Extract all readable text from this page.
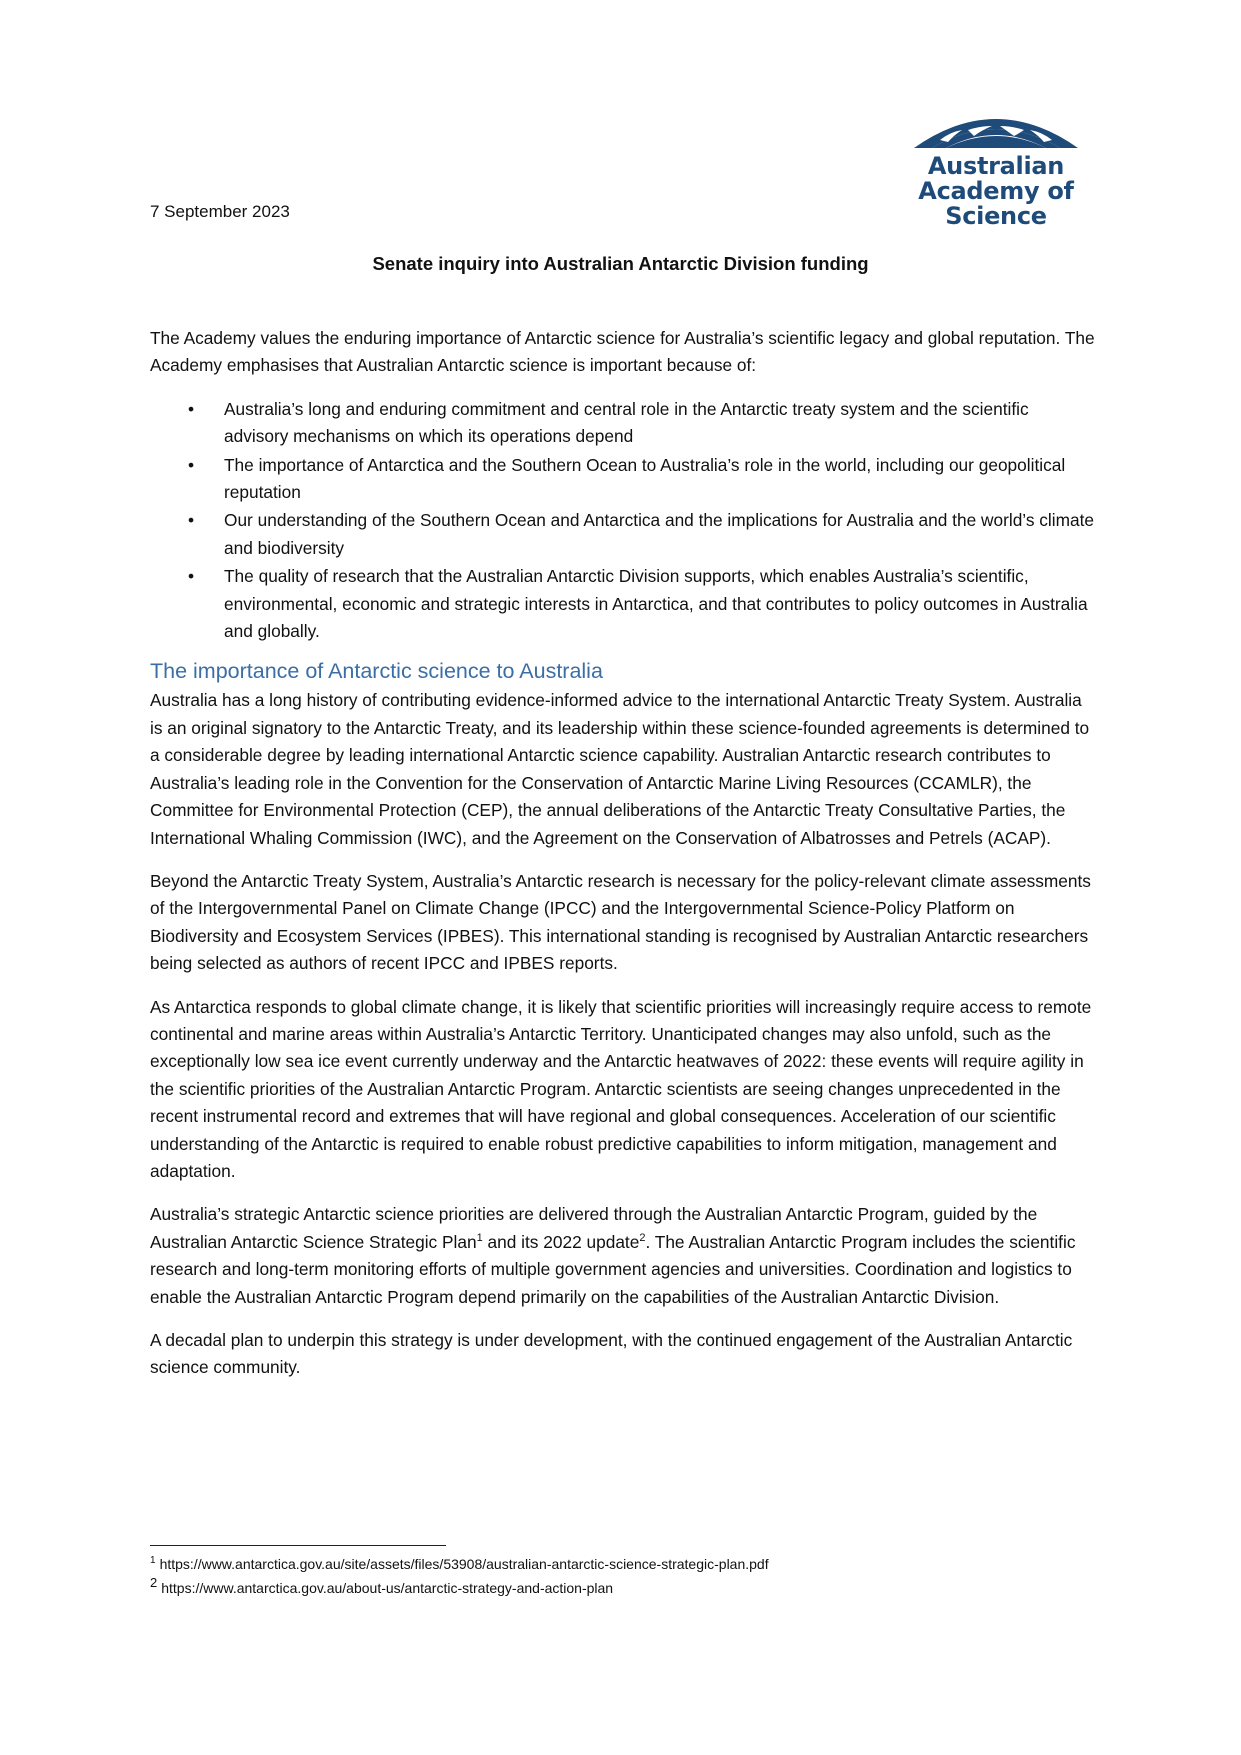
Australian
Academy of
Science
7 September 2023
Senate inquiry into Australian Antarctic Division funding

The Academy values the enduring importance of Antarctic science for Australia’s scientific legacy and global reputation. The Academy emphasises that Australian Antarctic science is important because of:

• Australia’s long and enduring commitment and central role in the Antarctic treaty system and the scientific advisory mechanisms on which its operations depend
• The importance of Antarctica and the Southern Ocean to Australia’s role in the world, including our geopolitical reputation
• Our understanding of the Southern Ocean and Antarctica and the implications for Australia and the world’s climate and biodiversity
• The quality of research that the Australian Antarctic Division supports, which enables Australia’s scientific, environmental, economic and strategic interests in Antarctica, and that contributes to policy outcomes in Australia and globally.
The importance of Antarctic science to Australia

Australia has a long history of contributing evidence-informed advice to the international Antarctic Treaty System. Australia is an original signatory to the Antarctic Treaty, and its leadership within these science-founded agreements is determined to a considerable degree by leading international Antarctic science capability. Australian Antarctic research contributes to Australia’s leading role in the Convention for the Conservation of Antarctic Marine Living Resources (CCAMLR), the Committee for Environmental Protection (CEP), the annual deliberations of the Antarctic Treaty Consultative Parties, the International Whaling Commission (IWC), and the Agreement on the Conservation of Albatrosses and Petrels (ACAP).

Beyond the Antarctic Treaty System, Australia’s Antarctic research is necessary for the policy-relevant climate assessments of the Intergovernmental Panel on Climate Change (IPCC) and the Intergovernmental Science-Policy Platform on Biodiversity and Ecosystem Services (IPBES). This international standing is recognised by Australian Antarctic researchers being selected as authors of recent IPCC and IPBES reports.

As Antarctica responds to global climate change, it is likely that scientific priorities will increasingly require access to remote continental and marine areas within Australia’s Antarctic Territory. Unanticipated changes may also unfold, such as the exceptionally low sea ice event currently underway and the Antarctic heatwaves of 2022: these events will require agility in the scientific priorities of the Australian Antarctic Program. Antarctic scientists are seeing changes unprecedented in the recent instrumental record and extremes that will have regional and global consequences. Acceleration of our scientific understanding of the Antarctic is required to enable robust predictive capabilities to inform mitigation, management and adaptation.

Australia’s strategic Antarctic science priorities are delivered through the Australian Antarctic Program, guided by the Australian Antarctic Science Strategic Plan$^1$ and its 2022 update$^2$. The Australian Antarctic Program includes the scientific research and long-term monitoring efforts of multiple government agencies and universities. Coordination and logistics to enable the Australian Antarctic Program depend primarily on the capabilities of the Australian Antarctic Division.

A decadal plan to underpin this strategy is under development, with the continued engagement of the Australian Antarctic science community.

$^1$ https://www.antarctica.gov.au/site/assets/files/53908/australian-antarctic-science-strategic-plan.pdf
2 https://www.antarctica.gov.au/about-us/antarctic-strategy-and-action-plan
